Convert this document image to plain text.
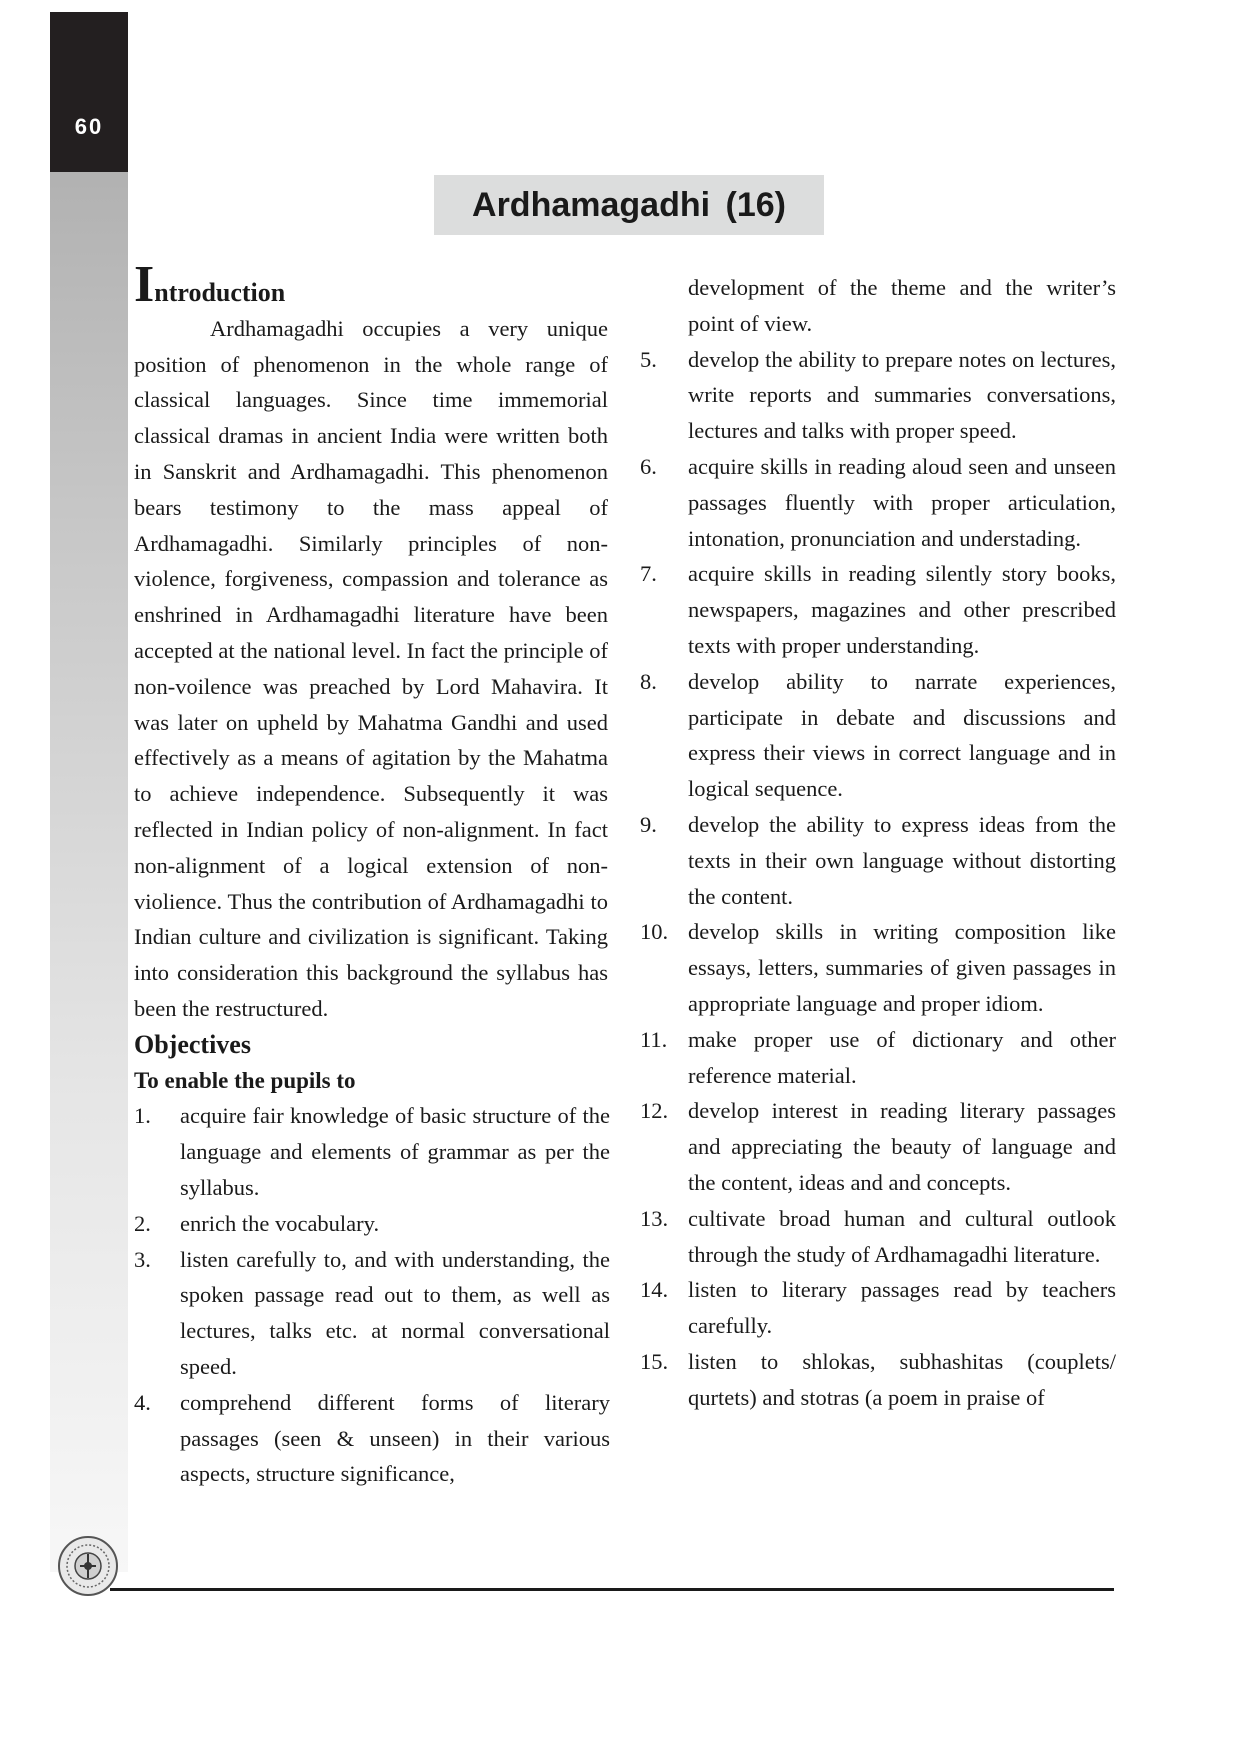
60
Ardhamagadhi (16)
Introduction

Ardhamagadhi occupies a very unique position of phenomenon in the whole range of classical languages. Since time immemorial classical dramas in ancient India were written both in Sanskrit and Ardhamagadhi. This phenomenon bears testimony to the mass appeal of Ardhamagadhi. Similarly principles of non-violence, forgiveness, compassion and tolerance as enshrined in Ardhamagadhi literature have been accepted at the national level. In fact the principle of non-voilence was preached by Lord Mahavira. It was later on upheld by Mahatma Gandhi and used effectively as a means of agitation by the Mahatma to achieve independence. Subsequently it was reflected in Indian policy of non-alignment. In fact non-alignment of a logical extension of non-violience. Thus the contribution of Ardhamagadhi to Indian culture and civilization is significant. Taking into consideration this background the syllabus has been the restructured.

Objectives

To enable the pupils to

1. acquire fair knowledge of basic structure of the language and elements of grammar as per the syllabus.
2. enrich the vocabulary.
3. listen carefully to, and with understanding, the spoken passage read out to them, as well as lectures, talks etc. at normal conversational speed.
4. comprehend different forms of literary passages (seen & unseen) in their various aspects, structure significance,

development of the theme and the writer’s point of view.

5. develop the ability to prepare notes on lectures, write reports and summaries conversations, lectures and talks with proper speed.
6. acquire skills in reading aloud seen and unseen passages fluently with proper articulation, intonation, pronunciation and understading.
7. acquire skills in reading silently story books, newspapers, magazines and other prescribed texts with proper understanding.
8. develop ability to narrate experiences, participate in debate and discussions and express their views in correct language and in logical sequence.
9. develop the ability to express ideas from the texts in their own language without distorting the content.
10. develop skills in writing composition like essays, letters, summaries of given passages in appropriate language and proper idiom.
11. make proper use of dictionary and other reference material.
12. develop interest in reading literary passages and appreciating the beauty of language and the content, ideas and and concepts.
13. cultivate broad human and cultural outlook through the study of Ardhamagadhi literature.
14. listen to literary passages read by teachers carefully.
15. listen to shlokas, subhashitas (couplets/ qurtets) and stotras (a poem in praise of
